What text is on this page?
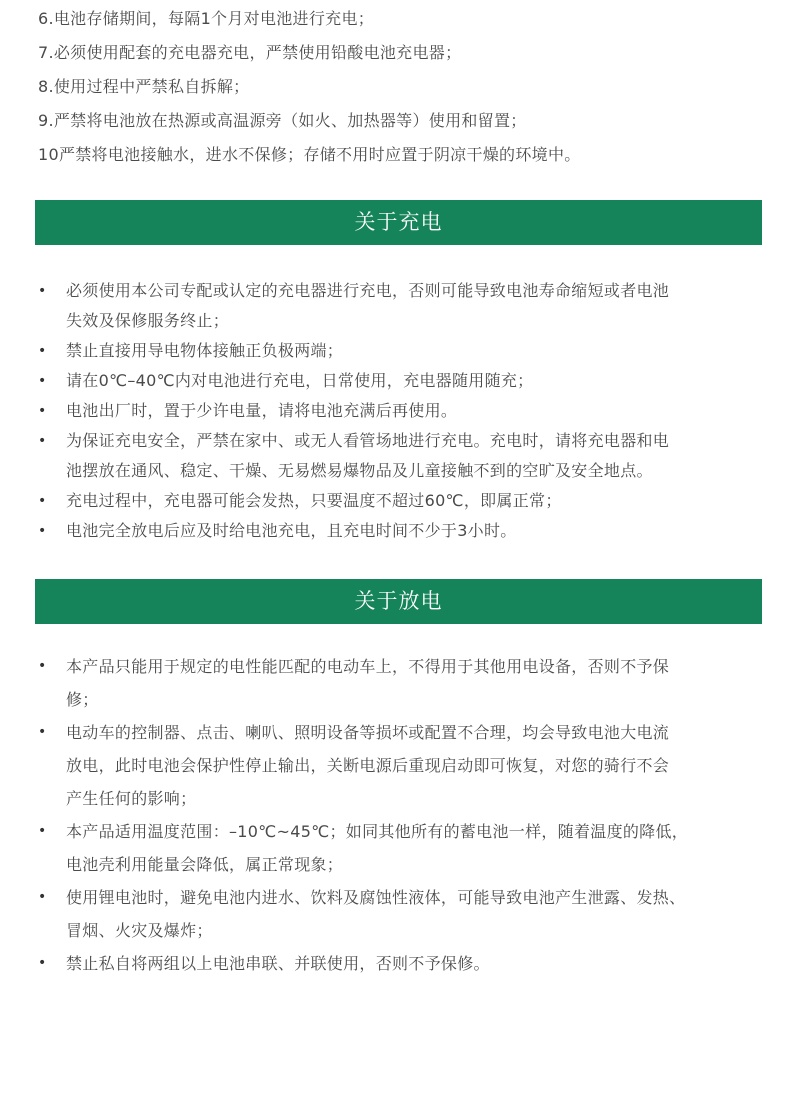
6.电池存储期间，每隔1个月对电池进行充电；
7.必须使用配套的充电器充电，严禁使用铅酸电池充电器；
8.使用过程中严禁私自拆解；
9.严禁将电池放在热源或高温源旁（如火、加热器等）使用和留置；
10严禁将电池接触水，进水不保修；存储不用时应置于阴凉干燥的环境中。
关于充电
• 必须使用本公司专配或认定的充电器进行充电，否则可能导致电池寿命缩短或者电池
失效及保修服务终止；
• 禁止直接用导电物体接触正负极两端；
• 请在0℃–40℃内对电池进行充电，日常使用，充电器随用随充；
• 电池出厂时，置于少许电量，请将电池充满后再使用。
• 为保证充电安全，严禁在家中、或无人看管场地进行充电。充电时，请将充电器和电
池摆放在通风、稳定、干燥、无易燃易爆物品及儿童接触不到的空旷及安全地点。
• 充电过程中，充电器可能会发热，只要温度不超过60℃，即属正常；
• 电池完全放电后应及时给电池充电，且充电时间不少于3小时。
关于放电
• 本产品只能用于规定的电性能匹配的电动车上，不得用于其他用电设备，否则不予保
修；
• 电动车的控制器、点击、喇叭、照明设备等损坏或配置不合理，均会导致电池大电流
放电，此时电池会保护性停止输出，关断电源后重现启动即可恢复，对您的骑行不会
产生任何的影响；
• 本产品适用温度范围：–10℃~45℃；如同其他所有的蓄电池一样，随着温度的降低，
电池壳利用能量会降低，属正常现象；
• 使用锂电池时，避免电池内进水、饮料及腐蚀性液体，可能导致电池产生泄露、发热、
冒烟、火灾及爆炸；
• 禁止私自将两组以上电池串联、并联使用，否则不予保修。
